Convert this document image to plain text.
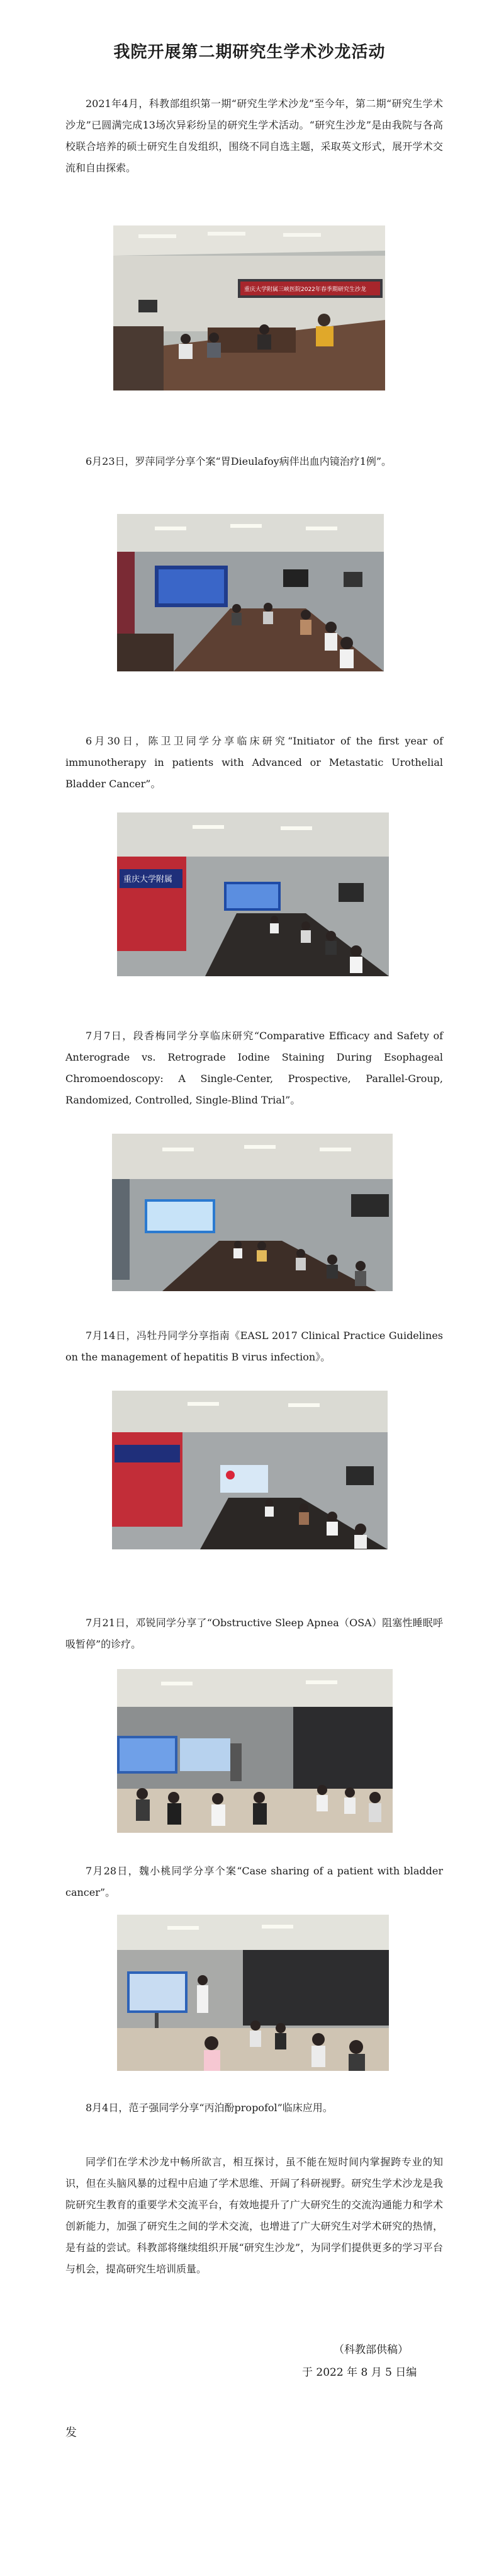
我院开展第二期研究生学术沙龙活动

2021年4月，科教部组织第一期“研究生学术沙龙”至今年，第二期“研究生学术沙龙”已圆满完成13场次异彩纷呈的研究生学术活动。“研究生沙龙”是由我院与各高校联合培养的硕士研究生自发组织，围绕不同自选主题，采取英文形式，展开学术交流和自由探索。

重庆大学附属三峡医院2022年春季期研究生沙龙

6月23日，罗萍同学分享个案“胃Dieulafoy病伴出血内镜治疗1例”。

6月30日，陈卫卫同学分享临床研究“Initiator of the first year of immunotherapy in patients with Advanced or Metastatic Urothelial Bladder Cancer”。

重庆大学附属

7月7日，段香梅同学分享临床研究“Comparative Efficacy and Safety of Anterograde vs. Retrograde Iodine Staining During Esophageal Chromoendoscopy: A Single-Center, Prospective, Parallel-Group, Randomized, Controlled, Single-Blind Trial”。

7月14日，冯牡丹同学分享指南《EASL 2017 Clinical Practice Guidelines on the management of hepatitis B virus infection》。

7月21日，邓锐同学分享了“Obstructive Sleep Apnea（OSA）阻塞性睡眠呼吸暂停”的诊疗。

7月28日，魏小桃同学分享个案“Case sharing of a patient with bladder cancer”。

8月4日，范子强同学分享“丙泊酚propofol”临床应用。

同学们在学术沙龙中畅所欲言，相互探讨，虽不能在短时间内掌握跨专业的知识，但在头脑风暴的过程中启迪了学术思维、开阔了科研视野。研究生学术沙龙是我院研究生教育的重要学术交流平台，有效地提升了广大研究生的交流沟通能力和学术创新能力，加强了研究生之间的学术交流，也增进了广大研究生对学术研究的热情，是有益的尝试。科教部将继续组织开展“研究生沙龙”，为同学们提供更多的学习平台与机会，提高研究生培训质量。

（科教部供稿）
于 2022 年 8 月 5 日编
发
